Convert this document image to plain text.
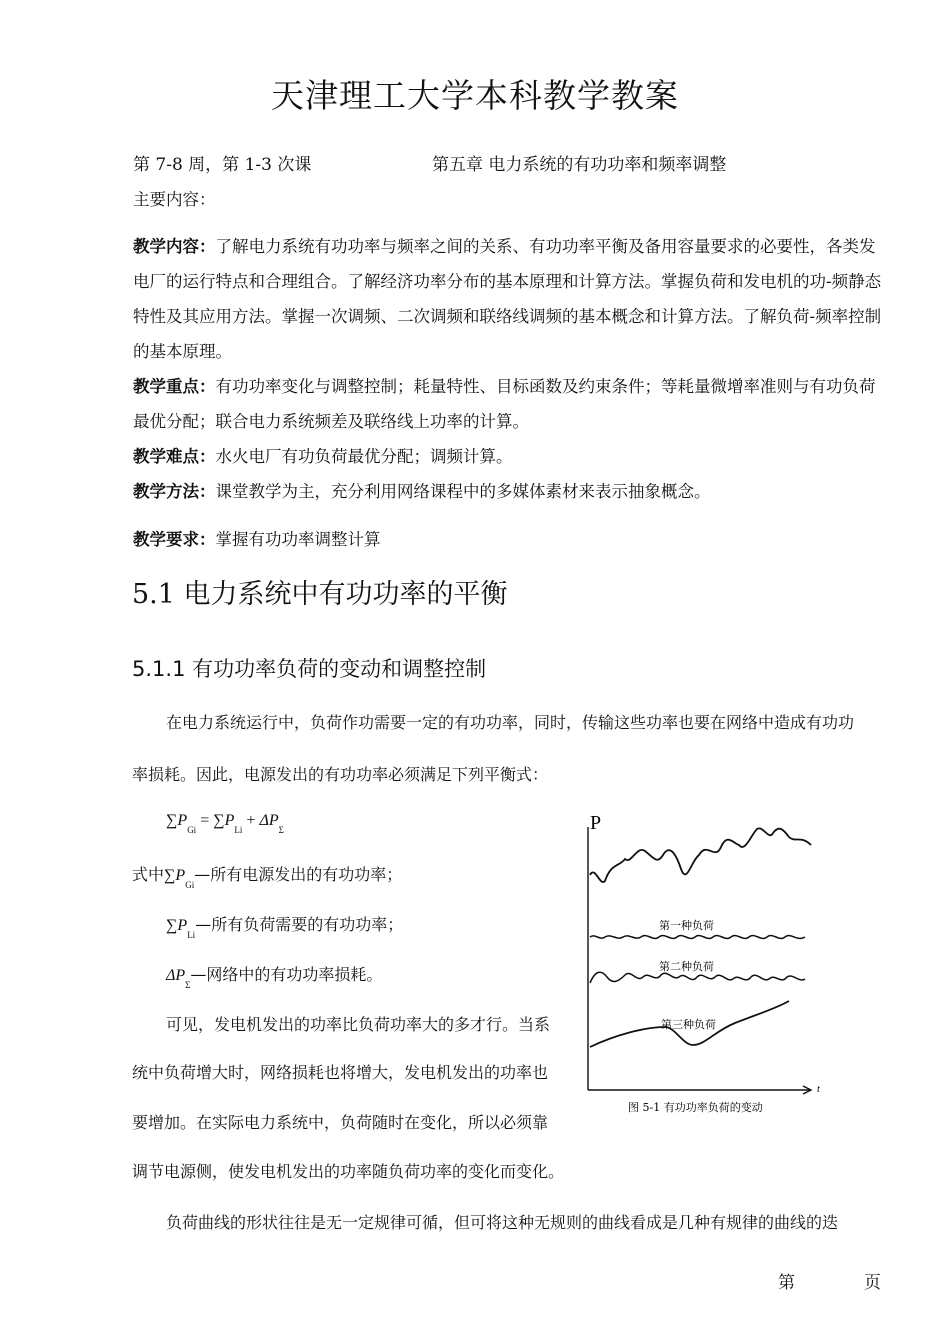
天津理工大学本科教学教案
第 7-8 周，第 1-3 次课	第五章 电力系统的有功功率和频率调整
主要内容：
教学内容：了解电力系统有功功率与频率之间的关系、有功功率平衡及备用容量要求的必要性，各类发电厂的运行特点和合理组合。了解经济功率分布的基本原理和计算方法。掌握负荷和发电机的功-频静态特性及其应用方法。掌握一次调频、二次调频和联络线调频的基本概念和计算方法。了解负荷-频率控制的基本原理。
教学重点：有功功率变化与调整控制；耗量特性、目标函数及约束条件；等耗量微增率准则与有功负荷最优分配；联合电力系统频差及联络线上功率的计算。
教学难点：水火电厂有功负荷最优分配；调频计算。
教学方法：课堂教学为主，充分利用网络课程中的多媒体素材来表示抽象概念。
教学要求：掌握有功功率调整计算
5.1 电力系统中有功功率的平衡
5.1.1 有功功率负荷的变动和调整控制
在电力系统运行中，负荷作功需要一定的有功功率，同时，传输这些功率也要在网络中造成有功功
率损耗。因此，电源发出的有功功率必须满足下列平衡式：
$\sum P_{Gi} = \sum P_{Li} + \Delta P_\Sigma$
式中$\sum P_{Gi}—$所有电源发出的有功功率；
$\sum P_{Li}—$所有负荷需要的有功功率；
$\Delta P_\Sigma—$网络中的有功功率损耗。
可见，发电机发出的功率比负荷功率大的多才行。当系
统中负荷增大时，网络损耗也将增大，发电机发出的功率也
要增加。在实际电力系统中，负荷随时在变化，所以必须靠
调节电源侧，使发电机发出的功率随负荷功率的变化而变化。
负荷曲线的形状往往是无一定规律可循，但可将这种无规则的曲线看成是几种有规律的曲线的迭
P
t
第一种负荷
第二种负荷
第三种负荷
图 5-1 有功功率负荷的变动
第	页
